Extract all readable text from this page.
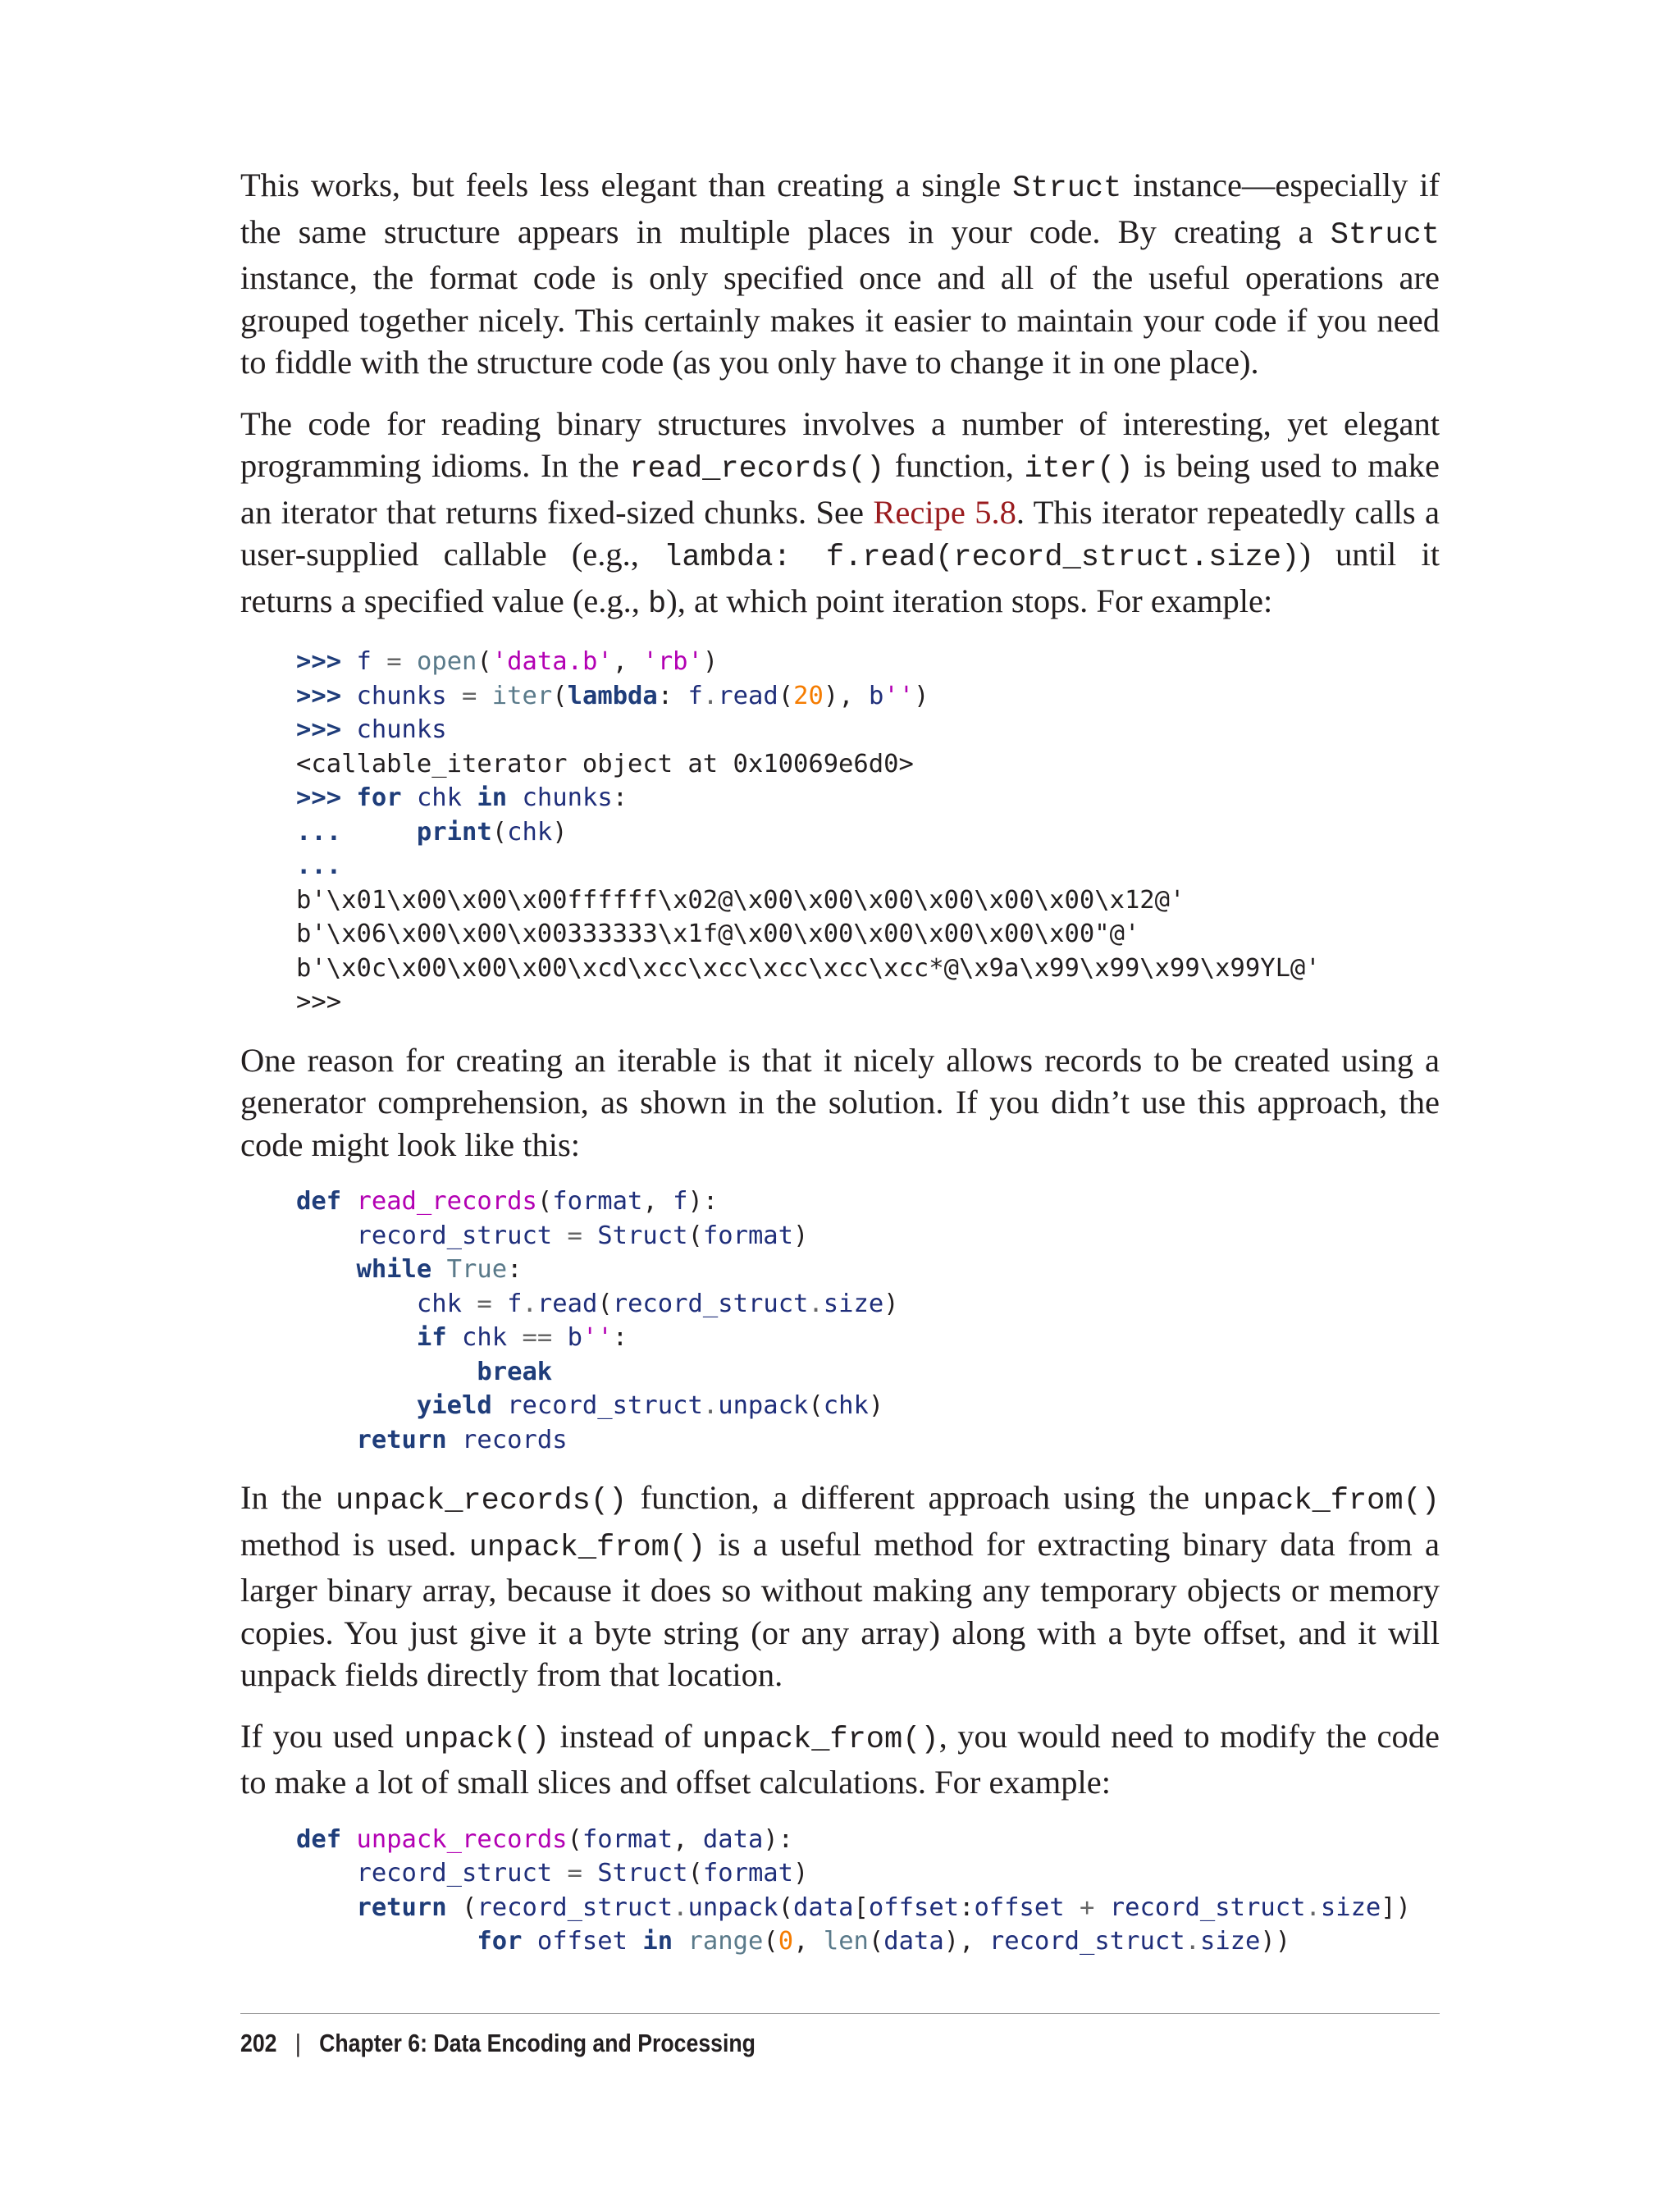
This works, but feels less elegant than creating a single Struct instance—especially if the same structure appears in multiple places in your code. By creating a Struct instance, the format code is only specified once and all of the useful operations are grouped together nicely. This certainly makes it easier to maintain your code if you need to fiddle with the structure code (as you only have to change it in one place).

The code for reading binary structures involves a number of interesting, yet elegant programming idioms. In the read_records() function, iter() is being used to make an iterator that returns fixed-sized chunks. See Recipe 5.8. This iterator repeatedly calls a user-supplied callable (e.g., lambda: f.read(record_struct.size)) until it returns a specified value (e.g., b), at which point iteration stops. For example:

>>> f = open('data.b', 'rb')
>>> chunks = iter(lambda: f.read(20), b'')
>>> chunks
<callable_iterator object at 0x10069e6d0>
>>> for chk in chunks:
...	print(chk)
...
b'\x01\x00\x00\x00ffffff\x02@\x00\x00\x00\x00\x00\x00\x12@'
b'\x06\x00\x00\x00333333\x1f@\x00\x00\x00\x00\x00\x00"@'
b'\x0c\x00\x00\x00\xcd\xcc\xcc\xcc\xcc\xcc*@\x9a\x99\x99\x99\x99YL@'
>>>

One reason for creating an iterable is that it nicely allows records to be created using a generator comprehension, as shown in the solution. If you didn’t use this approach, the code might look like this:

def read_records(format, f):
record_struct = Struct(format)
while True:
chk = f.read(record_struct.size)
if chk == b'':
break
yield record_struct.unpack(chk)
return records

In the unpack_records() function, a different approach using the unpack_from() method is used. unpack_from() is a useful method for extracting binary data from a larger binary array, because it does so without making any temporary objects or memory copies. You just give it a byte string (or any array) along with a byte offset, and it will unpack fields directly from that location.

If you used unpack() instead of unpack_from(), you would need to modify the code to make a lot of small slices and offset calculations. For example:

def unpack_records(format, data):
record_struct = Struct(format)
return (record_struct.unpack(data[offset:offset + record_struct.size])
for offset in range(0, len(data), record_struct.size))
202 | Chapter 6: Data Encoding and Processing
